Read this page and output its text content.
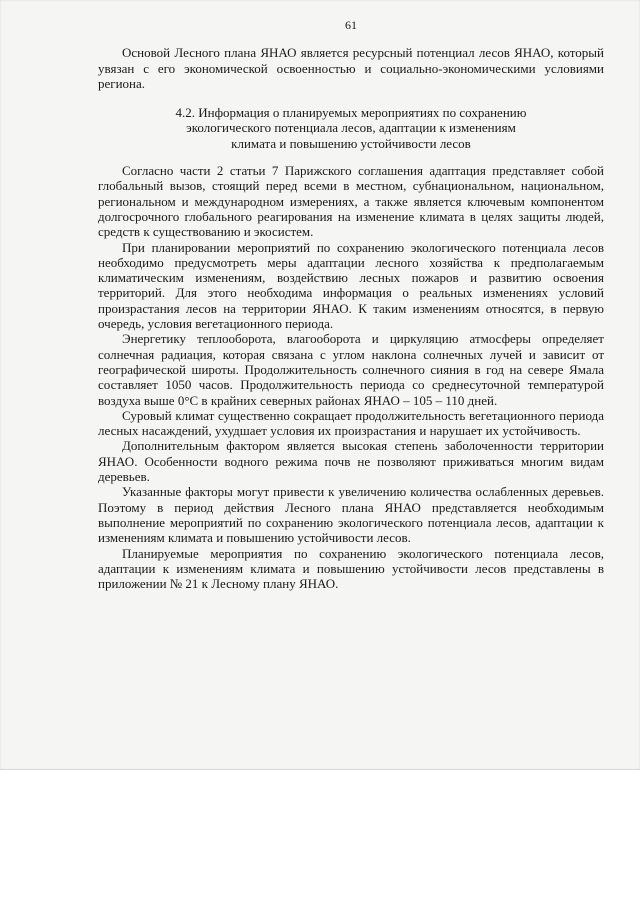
61

Основой Лесного плана ЯНАО является ресурсный потенциал лесов ЯНАО, который увязан с его экономической освоенностью и социально-экономическими условиями региона.

4.2. Информация о планируемых мероприятиях по сохранению
экологического потенциала лесов, адаптации к изменениям
климата и повышению устойчивости лесов

Согласно части 2 статьи 7 Парижского соглашения адаптация представляет собой глобальный вызов, стоящий перед всеми в местном, субнациональном, национальном, региональном и международном измерениях, а также является ключевым компонентом долгосрочного глобального реагирования на изменение климата в целях защиты людей, средств к существованию и экосистем.

При планировании мероприятий по сохранению экологического потенциала лесов необходимо предусмотреть меры адаптации лесного хозяйства к предполагаемым климатическим изменениям, воздействию лесных пожаров и развитию освоения территорий. Для этого необходима информация о реальных изменениях условий произрастания лесов на территории ЯНАО. К таким изменениям относятся, в первую очередь, условия вегетационного периода.

Энергетику теплооборота, влагооборота и циркуляцию атмосферы определяет солнечная радиация, которая связана с углом наклона солнечных лучей и зависит от географической широты. Продолжительность солнечного сияния в год на севере Ямала составляет 1050 часов. Продолжительность периода со среднесуточной температурой воздуха выше 0°С в крайних северных районах ЯНАО – 105 – 110 дней.

Суровый климат существенно сокращает продолжительность вегетационного периода лесных насаждений, ухудшает условия их произрастания и нарушает их устойчивость.

Дополнительным фактором является высокая степень заболоченности территории ЯНАО. Особенности водного режима почв не позволяют приживаться многим видам деревьев.

Указанные факторы могут привести к увеличению количества ослабленных деревьев. Поэтому в период действия Лесного плана ЯНАО представляется необходимым выполнение мероприятий по сохранению экологического потенциала лесов, адаптации к изменениям климата и повышению устойчивости лесов.

Планируемые мероприятия по сохранению экологического потенциала лесов, адаптации к изменениям климата и повышению устойчивости лесов представлены в приложении № 21 к Лесному плану ЯНАО.
